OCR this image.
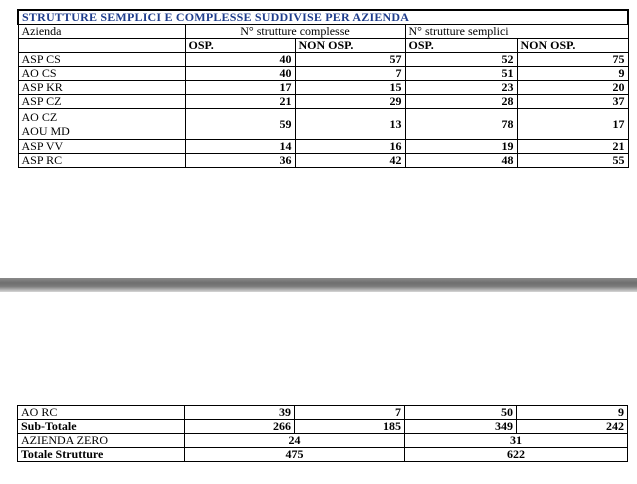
STRUTTURE SEMPLICI E COMPLESSE SUDDIVISE PER AZIENDA				
Azienda	N° strutture complesse		N° strutture semplici	
	OSP.	NON OSP.	OSP.	NON OSP.
ASP CS	40	57	52	75
AO CS	40	7	51	9
ASP KR	17	15	23	20
ASP CZ	21	29	28	37

AO CZ
AOU MD	59	13	78	17
ASP VV	14	16	19	21
ASP RC	36	42	48	55
AO RC	39	7	50	9
Sub-Totale	266	185	349	242
AZIENDA ZERO	24		31	
Totale Strutture	475		622	
